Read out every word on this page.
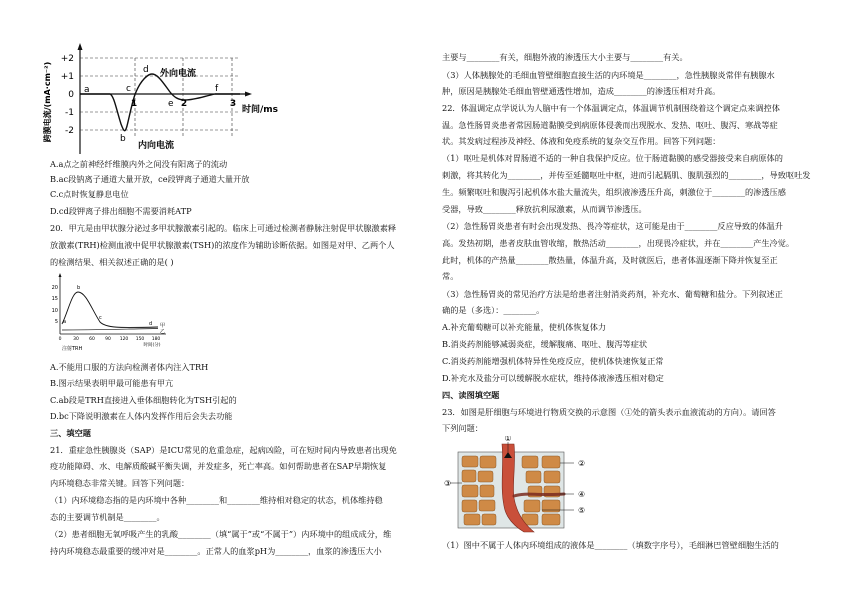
+2
+1
0
-1
-2
跨膜电流/(mA·cm⁻²)	a
b
c
d
e
f
1	2	3
时间/ms
外向电流
内向电流
A.a点之前神经纤维膜内外之间没有阳离子的流动
B.ac段钠离子通道大量开放，ce段钾离子通道大量开放
C.c点时恢复静息电位
D.cd段钾离子排出细胞不需要消耗ATP
20．甲亢是由甲状腺分泌过多甲状腺激素引起的。临床上可通过检测者静脉注射促甲状腺激素释
放激素(TRH)检测血液中促甲状腺激素(TSH)的浓度作为辅助诊断依据。如图是对甲、乙两个人
的检测结果、相关叙述正确的是( )
20
15
10
5
0	30 60 90 120 150 180
时间(分)
注射TRH
a
b
c
d 甲
乙
A.不能用口服的方法向检测者体内注入TRH
B.图示结果表明甲最可能患有甲亢
C.ab段是TRH直接进入垂体细胞转化为TSH引起的
D.bc下降说明激素在人体内发挥作用后会失去功能
三、填空题
21．重症急性胰腺炎（SAP）是ICU常见的危重急症，起病凶险，可在短时间内导致患者出现免
疫功能障碍、水、电解质酸碱平衡失调，并发症多，死亡率高。如何帮助患者在SAP早期恢复
内环境稳态非常关键。回答下列问题：
（1）内环境稳态指的是内环境中各种________和________维持相对稳定的状态，机体维持稳
态的主要调节机制是________。
（2）患者细胞无氧呼吸产生的乳酸________（填“属于”或“不属于”）内环境中的组成成分，维
持内环境稳态最重要的缓冲对是________。正常人的血浆pH为________，血浆的渗透压大小
主要与________有关，细胞外液的渗透压大小主要与________有关。
（3）人体胰腺处的毛细血管壁细胞直接生活的内环境是________，急性胰腺炎常伴有胰腺水
肿，原因是胰腺处毛细血管壁通透性增加，造成________的渗透压相对升高。
22．体温调定点学说认为人脑中有一个体温调定点，体温调节机制围绕着这个调定点来调控体
温。急性肠胃炎患者常因肠道黏膜受到病原体侵袭而出现脱水、发热、呕吐、腹泻、寒战等症
状。其发病过程涉及神经、体液和免疫系统的复杂交互作用。回答下列问题：
（1）呕吐是机体对胃肠道不适的一种自我保护反应。位于肠道黏膜的感受器接受来自病原体的
刺激，将其转化为________，并传至延髓呕吐中枢，进而引起膈肌、腹肌强烈的________，导致呕吐发
生。频繁呕吐和腹泻引起机体水盐大量流失，组织液渗透压升高，刺激位于________的渗透压感
受器，导致________释放抗利尿激素，从而调节渗透压。
（2）急性肠胃炎患者有时会出现发热、畏冷等症状，这可能是由于________反应导致的体温升
高。发热初期，患者皮肤血管收缩，散热活动________，出现畏冷症状，并在________产生冷觉。
此时，机体的产热量________散热量，体温升高，及时就医后，患者体温逐渐下降并恢复至正
常。
（3）急性肠胃炎的常见治疗方法是给患者注射消炎药剂，补充水、葡萄糖和盐分。下列叙述正
确的是（多选）：________。
A.补充葡萄糖可以补充能量，使机体恢复体力
B.消炎药剂能够减弱炎症，缓解腹痛、呕吐、腹泻等症状
C.消炎药剂能增强机体特异性免疫反应，使机体快速恢复正常
D.补充水及盐分可以缓解脱水症状，维持体液渗透压相对稳定
四、读图填空题
23．如图是肝细胞与环境进行物质交换的示意图（①处的箭头表示血液流动的方向）。请回答
下列问题：
①
②
③
④
⑤
（1）图中不属于人体内环境组成的液体是________（填数字序号），毛细淋巴管壁细胞生活的
